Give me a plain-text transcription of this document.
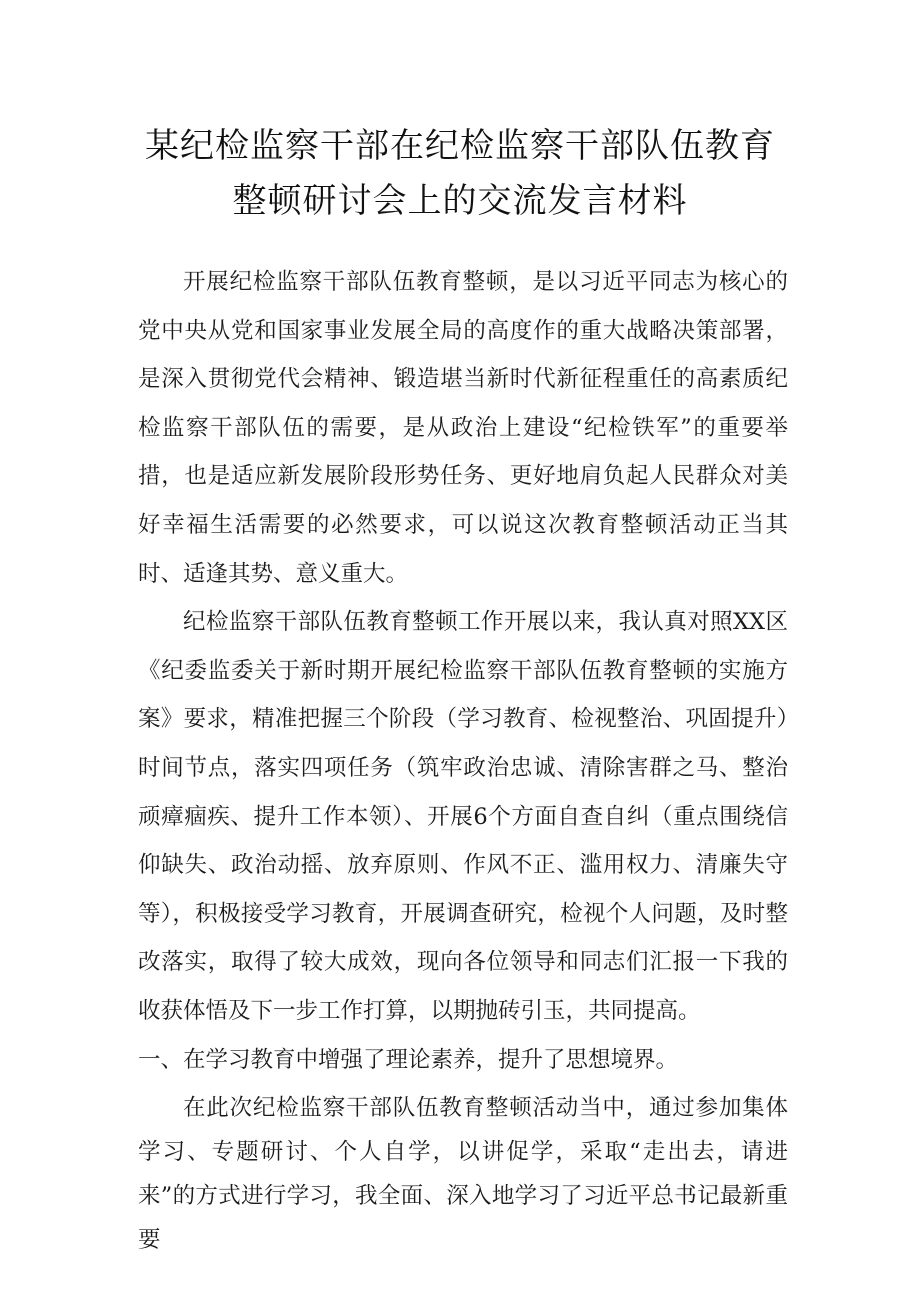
某纪检监察干部在纪检监察干部队伍教育
整顿研讨会上的交流发言材料

开展纪检监察干部队伍教育整顿，是以习近平同志为核心的党中央从党和国家事业发展全局的高度作的重大战略决策部署，是深入贯彻党代会精神、锻造堪当新时代新征程重任的高素质纪检监察干部队伍的需要，是从政治上建设“纪检铁军”的重要举措，也是适应新发展阶段形势任务、更好地肩负起人民群众对美好幸福生活需要的必然要求，可以说这次教育整顿活动正当其时、适逢其势、意义重大。

纪检监察干部队伍教育整顿工作开展以来，我认真对照XX区《纪委监委关于新时期开展纪检监察干部队伍教育整顿的实施方案》要求，精准把握三个阶段（学习教育、检视整治、巩固提升）时间节点，落实四项任务（筑牢政治忠诚、清除害群之马、整治顽瘴痼疾、提升工作本领）、开展6个方面自查自纠（重点围绕信仰缺失、政治动摇、放弃原则、作风不正、滥用权力、清廉失守等），积极接受学习教育，开展调查研究，检视个人问题，及时整改落实，取得了较大成效，现向各位领导和同志们汇报一下我的收获体悟及下一步工作打算，以期抛砖引玉，共同提高。

一、在学习教育中增强了理论素养，提升了思想境界。

在此次纪检监察干部队伍教育整顿活动当中，通过参加集体学习、专题研讨、个人自学，以讲促学，采取“走出去，请进来”的方式进行学习，我全面、深入地学习了习近平总书记最新重要
